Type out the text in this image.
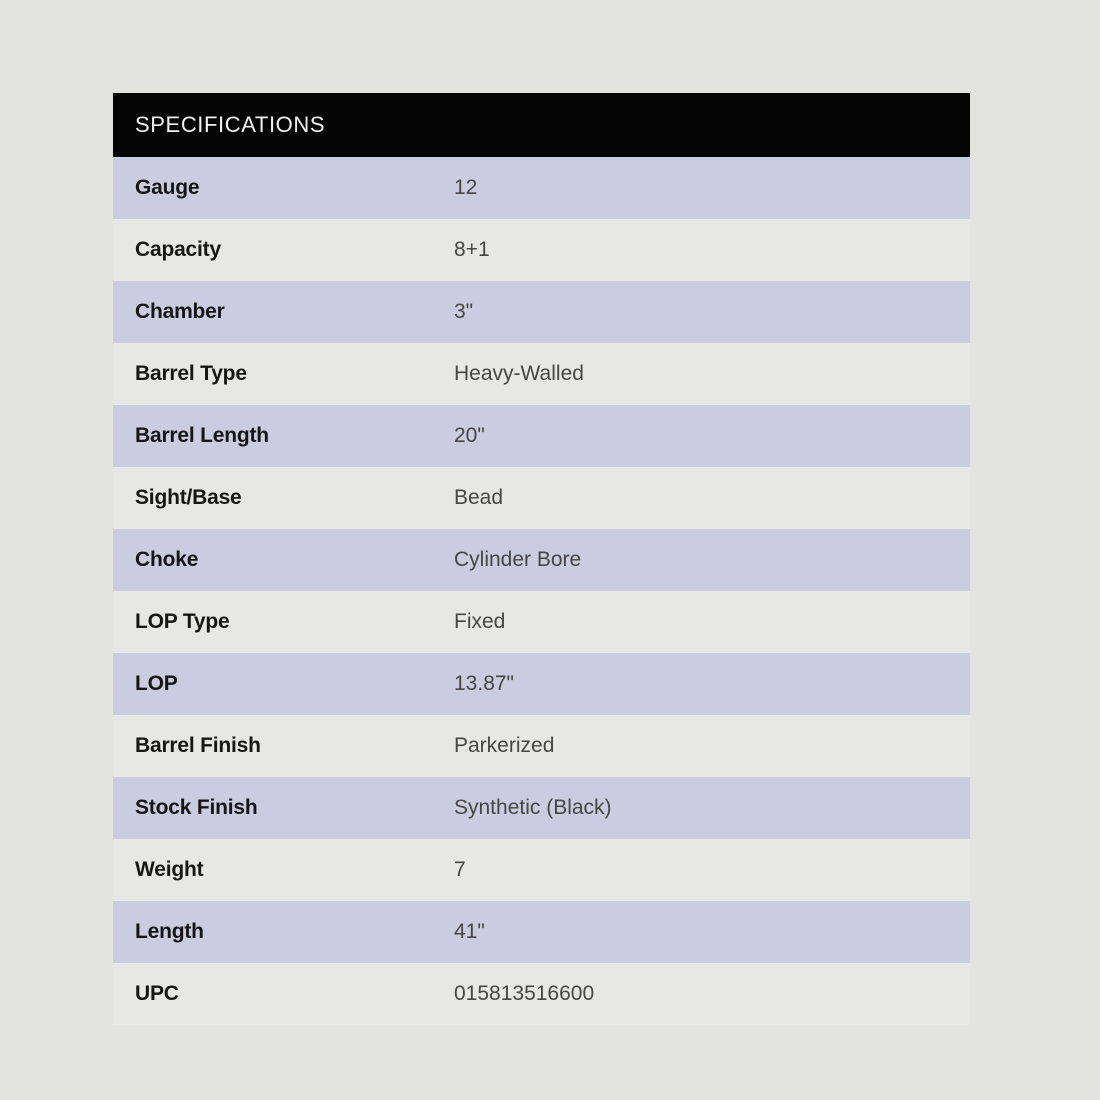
SPECIFICATIONS
Gauge	12
Capacity	8+1
Chamber	3"
Barrel Type	Heavy-Walled
Barrel Length	20"
Sight/Base	Bead
Choke	Cylinder Bore
LOP Type	Fixed
LOP	13.87"
Barrel Finish	Parkerized
Stock Finish	Synthetic (Black)
Weight	7
Length	41"
UPC	015813516600
